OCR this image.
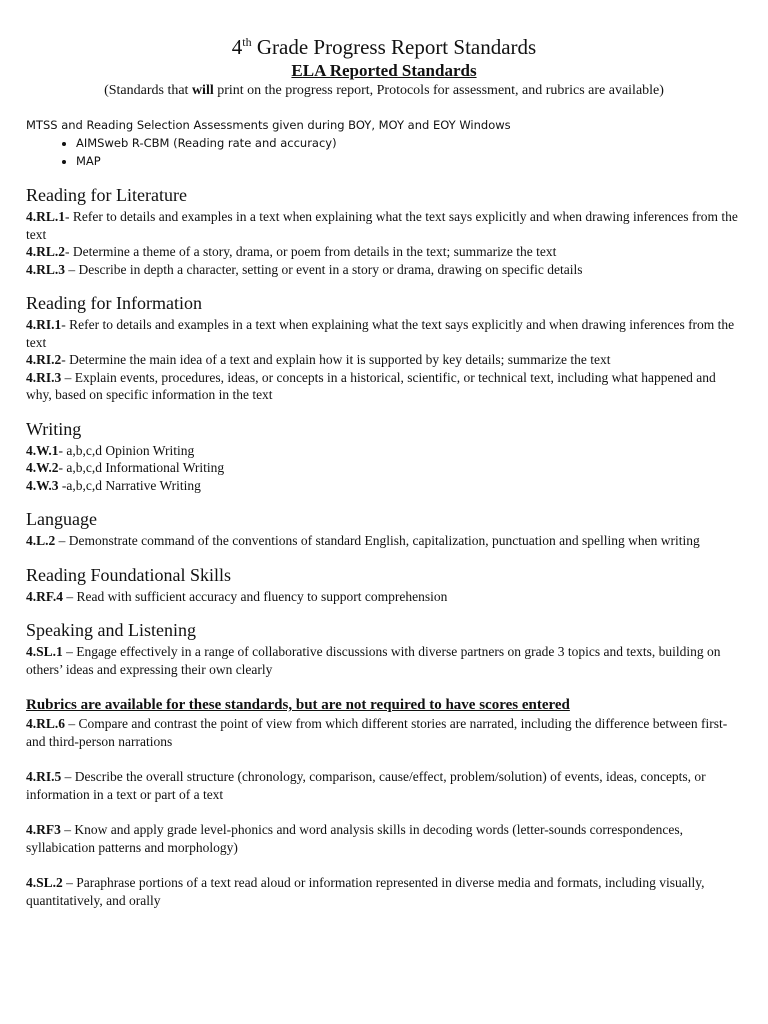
4th Grade Progress Report Standards
ELA Reported Standards
(Standards that will print on the progress report, Protocols for assessment, and rubrics are available)
MTSS and Reading Selection Assessments given during BOY, MOY and EOY Windows
• AIMSweb R-CBM (Reading rate and accuracy)
• MAP
Reading for Literature

4.RL.1- Refer to details and examples in a text when explaining what the text says explicitly and when drawing inferences from the text

4.RL.2- Determine a theme of a story, drama, or poem from details in the text; summarize the text

4.RL.3 – Describe in depth a character, setting or event in a story or drama, drawing on specific details

Reading for Information

4.RI.1- Refer to details and examples in a text when explaining what the text says explicitly and when drawing inferences from the text

4.RI.2- Determine the main idea of a text and explain how it is supported by key details; summarize the text

4.RI.3 – Explain events, procedures, ideas, or concepts in a historical, scientific, or technical text, including what happened and why, based on specific information in the text

Writing

4.W.1- a,b,c,d Opinion Writing

4.W.2- a,b,c,d Informational Writing

4.W.3 -a,b,c,d Narrative Writing

Language

4.L.2 – Demonstrate command of the conventions of standard English, capitalization, punctuation and spelling when writing

Reading Foundational Skills

4.RF.4 – Read with sufficient accuracy and fluency to support comprehension

Speaking and Listening

4.SL.1 – Engage effectively in a range of collaborative discussions with diverse partners on grade 3 topics and texts, building on others’ ideas and expressing their own clearly

Rubrics are available for these standards, but are not required to have scores entered

4.RL.6 – Compare and contrast the point of view from which different stories are narrated, including the difference between first-and third-person narrations

4.RI.5 – Describe the overall structure (chronology, comparison, cause/effect, problem/solution) of events, ideas, concepts, or information in a text or part of a text

4.RF3 – Know and apply grade level-phonics and word analysis skills in decoding words (letter-sounds correspondences, syllabication patterns and morphology)

4.SL.2 – Paraphrase portions of a text read aloud or information represented in diverse media and formats, including visually, quantitatively, and orally
